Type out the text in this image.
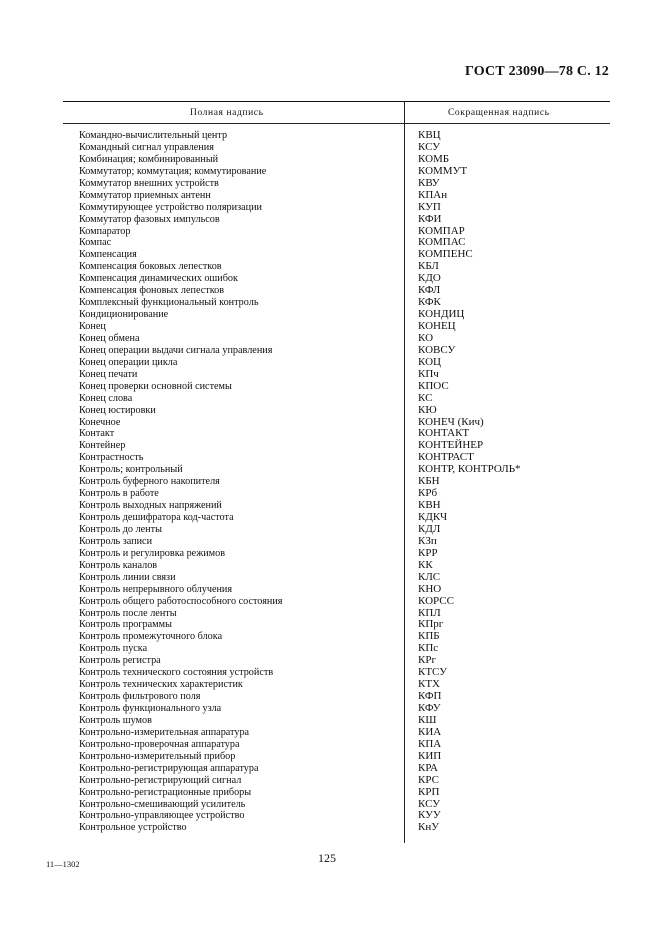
ГОСТ 23090—78 С. 12
Полная надпись	Сокращенная надпись
Командно-вычислительный центр	КВЦ
Командный сигнал управления	КСУ
Комбинация; комбинированный	КОМБ
Коммутатор; коммутация; коммутирование	КОММУТ
Коммутатор внешних устройств	КВУ
Коммутатор приемных антенн	КПАн
Коммутирующее устройство поляризации	КУП
Коммутатор фазовых импульсов	КФИ
Компаратор	КОМПАР
Компас	КОМПАС
Компенсация	КОМПЕНС
Компенсация боковых лепестков	КБЛ
Компенсация динамических ошибок	КДО
Компенсация фоновых лепестков	КФЛ
Комплексный функциональный контроль	КФК
Кондиционирование	КОНДИЦ
Конец	КОНЕЦ
Конец обмена	КО
Конец операции выдачи сигнала управления	КОВСУ
Конец операции цикла	КОЦ
Конец печати	КПч
Конец проверки основной системы	КПОС
Конец слова	КС
Конец юстировки	КЮ
Конечное	КОНЕЧ (Кич)
Контакт	КОНТАКТ
Контейнер	КОНТЕЙНЕР
Контрастность	КОНТРАСТ
Контроль; контрольный	КОНТР, КОНТРОЛЬ*
Контроль буферного накопителя	КБН
Контроль в работе	КРб
Контроль выходных напряжений	КВН
Контроль дешифратора код-частота	КДКЧ
Контроль до ленты	КДЛ
Контроль записи	КЗп
Контроль и регулировка режимов	КРР
Контроль каналов	КК
Контроль линии связи	КЛС
Контроль непрерывного облучения	КНО
Контроль общего работоспособного состояния	КОРСС
Контроль после ленты	КПЛ
Контроль программы	КПрг
Контроль промежуточного блока	КПБ
Контроль пуска	КПс
Контроль регистра	КРг
Контроль технического состояния устройств	КТСУ
Контроль технических характеристик	КТХ
Контроль фильтрового поля	КФП
Контроль функционального узла	КФУ
Контроль шумов	КШ
Контрольно-измерительная аппаратура	КИА
Контрольно-проверочная аппаратура	КПА
Контрольно-измерительный прибор	КИП
Контрольно-регистрирующая аппаратура	КРА
Контрольно-регистрирующий сигнал	КРС
Контрольно-регистрационные приборы	КРП
Контрольно-смешивающий усилитель	КСУ
Контрольно-управляющее устройство	КУУ
Контрольное устройство	КнУ
11—1302	125
